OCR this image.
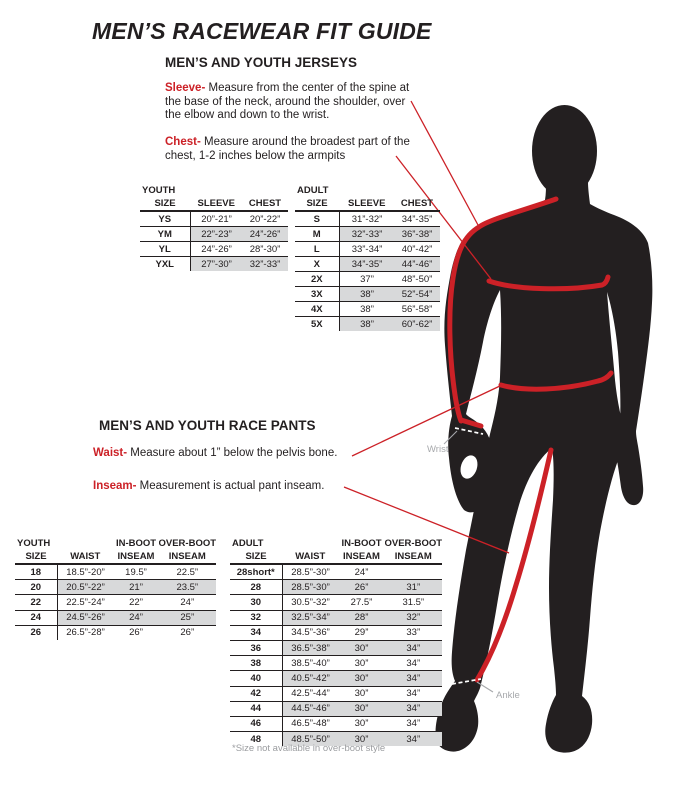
Wrist
Ankle
MEN’S RACEWEAR FIT GUIDE
MEN’S AND YOUTH JERSEYS
Sleeve- Measure from the center of the spine at the base of the neck, around the shoulder, over the elbow and down to the wrist.
Chest- Measure around the broadest part of the chest, 1-2 inches below the armpits
MEN’S AND YOUTH RACE PANTS
Waist- Measure about 1” below the pelvis bone.
Inseam- Measurement is actual pant inseam.
YOUTH		
SIZE	SLEEVE	CHEST
YS	20”-21”	20”-22”
YM	22”-23”	24”-26”
YL	24”-26”	28”-30”
YXL	27”-30”	32”-33”
ADULT		
SIZE	SLEEVE	CHEST
S	31”-32”	34”-35”
M	32”-33”	36”-38”
L	33”-34”	40”-42”
X	34”-35”	44”-46”
2X	37”	48”-50”
3X	38”	52”-54”
4X	38”	56”-58”
5X	38”	60”-62”
YOUTH		IN-BOOT	OVER-BOOT
SIZE	WAIST	INSEAM	INSEAM
18	18.5”-20”	19.5”	22.5”
20	20.5”-22”	21”	23.5”
22	22.5”-24”	22”	24”
24	24.5”-26”	24”	25”
26	26.5”-28”	26”	26”
ADULT		IN-BOOT	OVER-BOOT
SIZE	WAIST	INSEAM	INSEAM
28short*	28.5”-30”	24”	
28	28.5”-30”	26”	31”
30	30.5”-32”	27.5”	31.5”
32	32.5”-34”	28”	32”
34	34.5”-36”	29”	33”
36	36.5”-38”	30”	34”
38	38.5”-40”	30”	34”
40	40.5”-42”	30”	34”
42	42.5”-44”	30”	34”
44	44.5”-46”	30”	34”
46	46.5”-48”	30”	34”
48	48.5”-50”	30”	34”
*Size not available in over-boot style
